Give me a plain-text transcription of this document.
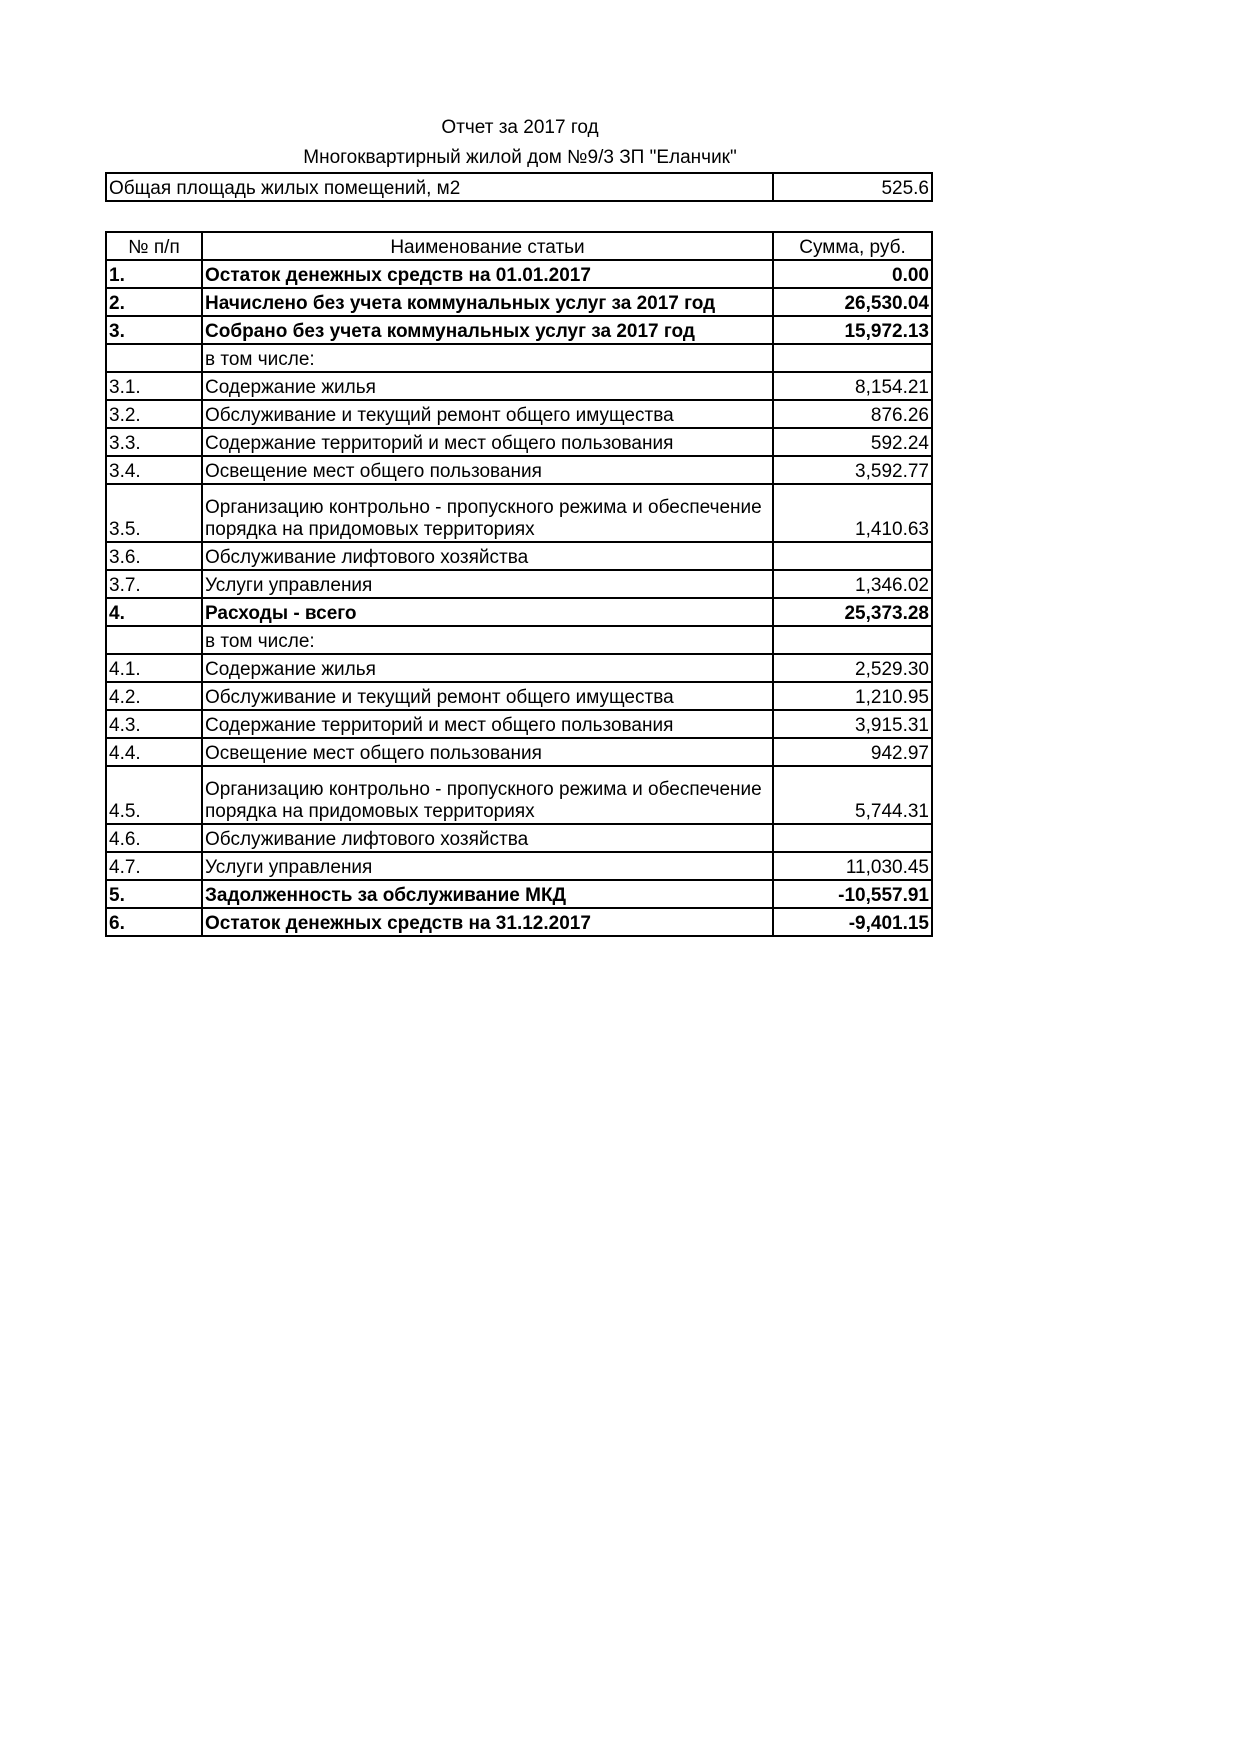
Отчет за 2017 год
Многоквартирный жилой дом №9/3 ЗП "Еланчик"
Общая площадь жилых помещений, м2	525.6
№ п/п	Наименование статьи	Сумма, руб.
1.	Остаток денежных средств на 01.01.2017	0.00
2.	Начислено без учета коммунальных услуг за 2017 год	26,530.04
3.	Собрано без учета коммунальных услуг за 2017 год	15,972.13
	в том числе:	
3.1.	Содержание жилья	8,154.21
3.2.	Обслуживание и текущий ремонт общего имущества	876.26
3.3.	Содержание территорий и мест общего пользования	592.24
3.4.	Освещение мест общего пользования	3,592.77
3.5.	Организацию контрольно - пропускного режима и обеспечение порядка на придомовых территориях	1,410.63
3.6.	Обслуживание лифтового хозяйства	
3.7.	Услуги управления	1,346.02
4.	Расходы - всего	25,373.28
	в том числе:	
4.1.	Содержание жилья	2,529.30
4.2.	Обслуживание и текущий ремонт общего имущества	1,210.95
4.3.	Содержание территорий и мест общего пользования	3,915.31
4.4.	Освещение мест общего пользования	942.97
4.5.	Организацию контрольно - пропускного режима и обеспечение порядка на придомовых территориях	5,744.31
4.6.	Обслуживание лифтового хозяйства	
4.7.	Услуги управления	11,030.45
5.	Задолженность за обслуживание МКД	-10,557.91
6.	Остаток денежных средств на 31.12.2017	-9,401.15
